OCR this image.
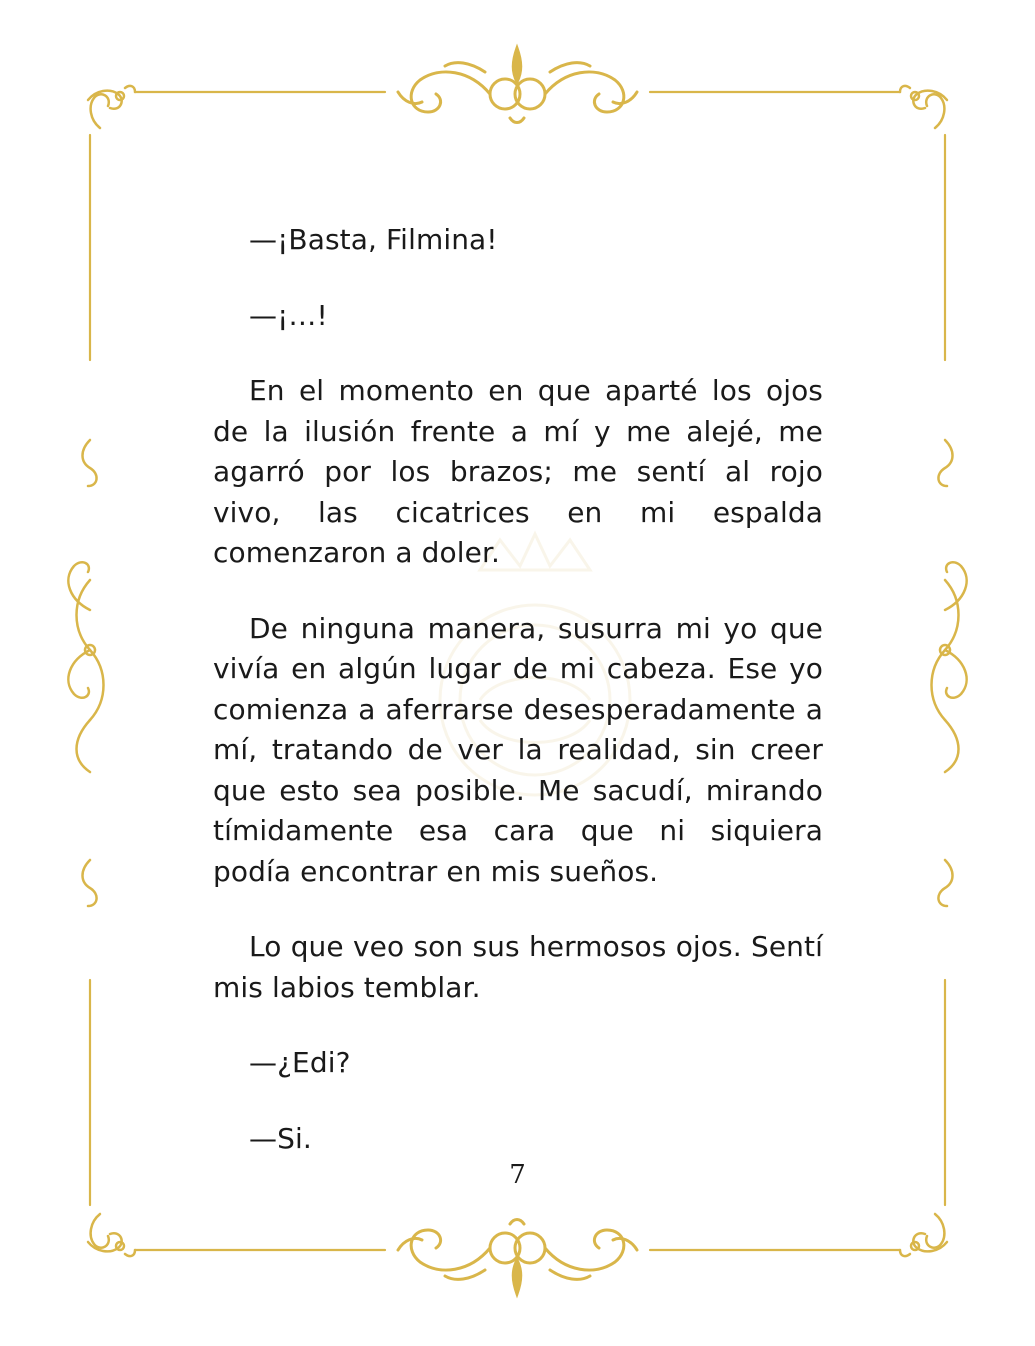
—¡Basta, Filmina!

—¡…!

En el momento en que aparté los ojos de la ilusión frente a mí y me alejé, me agarró por los brazos; me sentí al rojo vivo, las cicatrices en mi espalda comenzaron a doler.

De ninguna manera, susurra mi yo que vivía en algún lugar de mi cabeza. Ese yo comienza a aferrarse desesperadamente a mí, tratando de ver la realidad, sin creer que esto sea posible. Me sacudí, mirando tímidamente esa cara que ni siquiera podía encontrar en mis sueños.

Lo que veo son sus hermosos ojos. Sentí mis labios temblar.

—¿Edi?

—Si.

7
